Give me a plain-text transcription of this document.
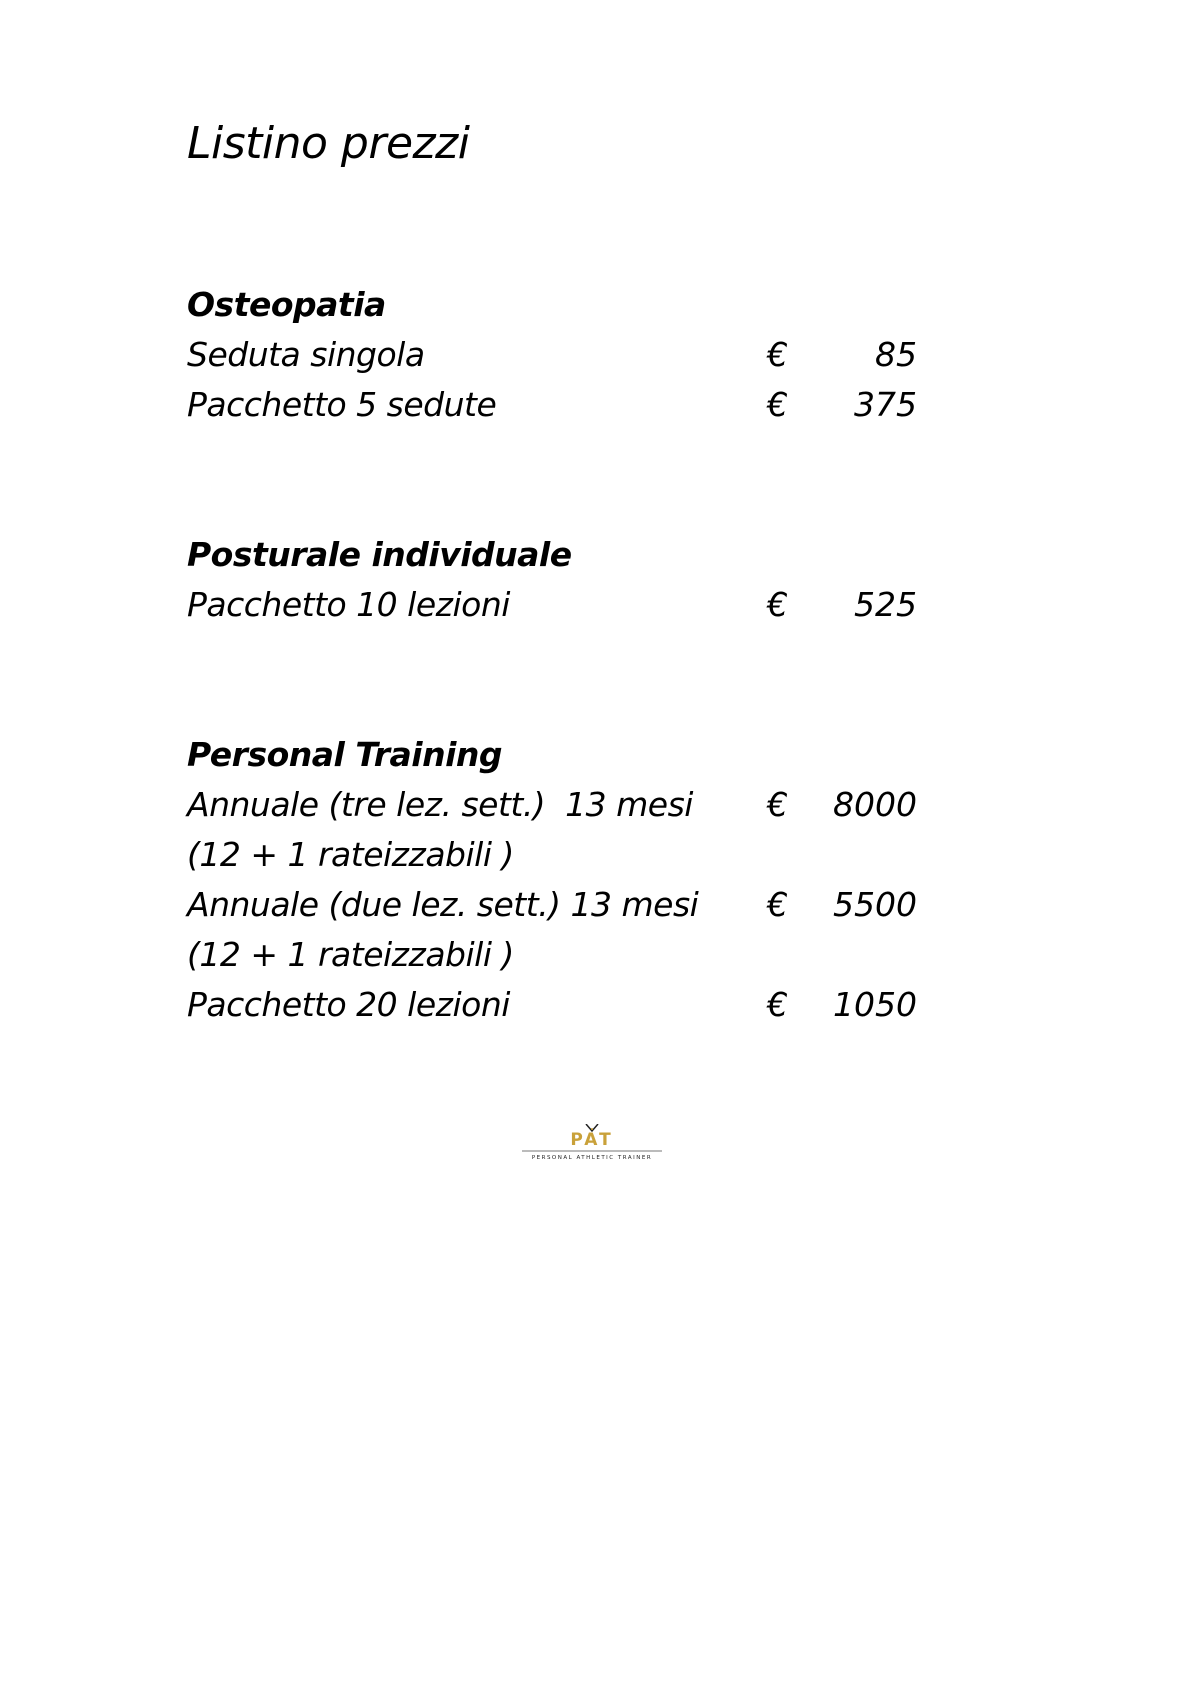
Listino prezzi
Osteopatia
Seduta singola	€	85
Pacchetto 5 sedute	€ 375
Posturale individuale
Pacchetto 10 lezioni	€ 525
Personal Training
Annuale (tre lez. sett.)  13 mesi € 8000
(12 + 1 rateizzabili )
Annuale (due lez. sett.) 13 mesi € 5500
(12 + 1 rateizzabili )
Pacchetto 20 lezioni	€ 1050
PAT
PERSONAL ATHLETIC TRAINER
